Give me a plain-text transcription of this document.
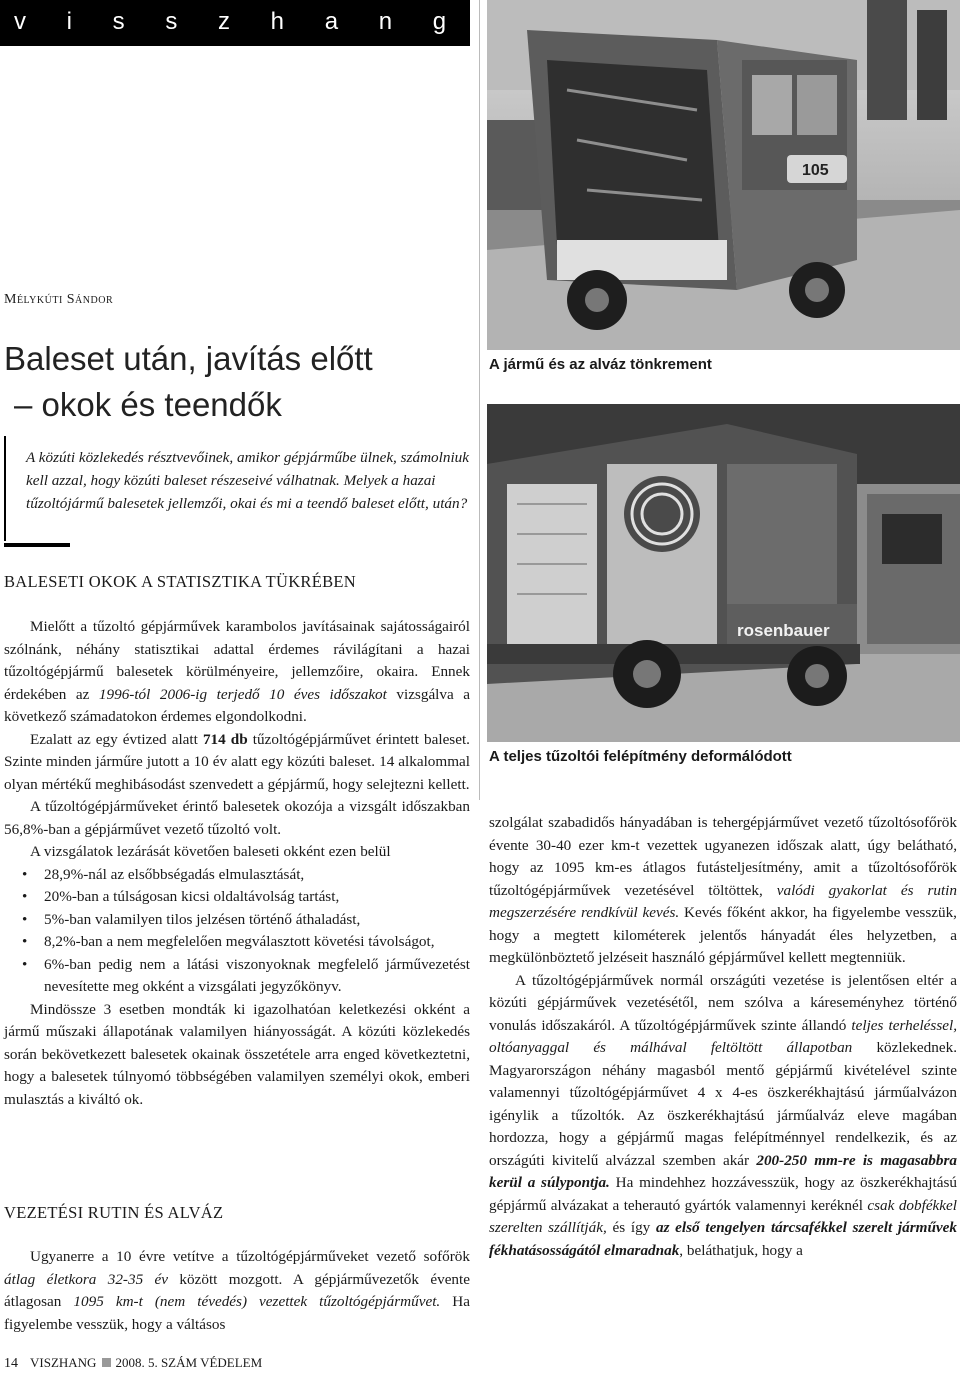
v i s s z h a n g
Mélykúti Sándor
Baleset után, javítás előtt
– okok és teendők

A közúti közlekedés résztvevőinek, amikor gépjárműbe ülnek, számolniuk kell azzal, hogy közúti baleset részeseivé válhatnak. Melyek a hazai tűzoltójármű balesetek jellemzői, okai és mi a teendő baleset előtt, után?

BALESETI OKOK A STATISZTIKA TÜKRÉBEN

Mielőtt a tűzoltó gépjárművek karambolos javításainak sajátosságairól szólnánk, néhány statisztikai adattal érdemes rávilágítani a hazai tűzoltógépjármű balesetek körülményeire, jellemzőire, okaira. Ennek érdekében az 1996-tól 2006-ig terjedő 10 éves időszakot vizsgálva a következő számadatokon érdemes elgondolkodni.

Ezalatt az egy évtized alatt 714 db tűzoltógépjárművet érintett baleset. Szinte minden járműre jutott a 10 év alatt egy közúti baleset. 14 alkalommal olyan mértékű meghibásodást szenvedett a gépjármű, hogy selejtezni kellett.

A tűzoltógépjárműveket érintő balesetek okozója a vizsgált időszakban 56,8%-ban a gépjárművet vezető tűzoltó volt.

A vizsgálatok lezárását követően baleseti okként ezen belül

• 28,9%-nál az elsőbbségadás elmulasztását,
• 20%-ban a túlságosan kicsi oldaltávolság tartást,
• 5%-ban valamilyen tilos jelzésen történő áthaladást,
• 8,2%-ban a nem megfelelően megválasztott követési távolságot,
• 6%-ban pedig nem a látási viszonyoknak megfelelő járművezetést nevesítette meg okként a vizsgálati jegyzőkönyv.

Mindössze 3 esetben mondták ki igazolhatóan keletkezési okként a jármű műszaki állapotának valamilyen hiányosságát. A közúti közlekedés során bekövetkezett balesetek okainak összetétele arra enged következtetni, hogy a balesetek túlnyomó többségében valamilyen személyi okok, emberi mulasztás a kiváltó ok.

VEZETÉSI RUTIN ÉS ALVÁZ

Ugyanerre a 10 évre vetítve a tűzoltógépjárműveket vezető sofőrök átlag életkora 32-35 év között mozgott. A gépjárművezetők évente átlagosan 1095 km-t (nem tévedés) vezettek tűzoltógépjárművet. Ha figyelembe vesszük, hogy a váltásos

105
A jármű és az alváz tönkrement
rosenbauer
A teljes tűzoltói felépítmény deformálódott

szolgálat szabadidős hányadában is tehergépjárművet vezető tűzoltósofőrök évente 30-40 ezer km-t vezettek ugyanezen időszak alatt, úgy belátható, hogy az 1095 km-es átlagos futásteljesítmény, amit a tűzoltósofőrök tűzoltógépjárművek vezetésével töltöttek, valódi gyakorlat és rutin megszerzésére rendkívül kevés. Kevés főként akkor, ha figyelembe vesszük, hogy a megtett kilométerek jelentős hányadát éles helyzetben, a megkülönböztető jelzéseit használó gépjárművel kellett megtenniük.

A tűzoltógépjárművek normál országúti vezetése is jelentősen eltér a közúti gépjárművek vezetésétől, nem szólva a káreseményhez történő vonulás időszakáról. A tűzoltógépjárművek szinte állandó teljes terheléssel, oltóanyaggal és málhával feltöltött állapotban közlekednek. Magyarországon néhány magasból mentő gépjármű kivételével szinte valamennyi tűzoltógépjárművet 4 x 4-es öszkerékhajtású járműalvázon igénylik a tűzoltók. Az öszkerékhajtású járműalváz eleve magában hordozza, hogy a gépjármű magas felépítménnyel rendelkezik, és az országúti kivitelű alvázzal szemben akár 200-250 mm-re is magasabbra kerül a súlypontja. Ha mindehhez hozzávesszük, hogy az öszkerékhajtású gépjármű alvázakat a teherautó gyártók valamennyi keréknél csak dobfékkel szerelten szállítják, és így az első tengelyen tárcsafékkel szerelt járművek fékhatásosságától elmaradnak, beláthatjuk, hogy a

14 VISZHANG 2008. 5. SZÁM VÉDELEM
